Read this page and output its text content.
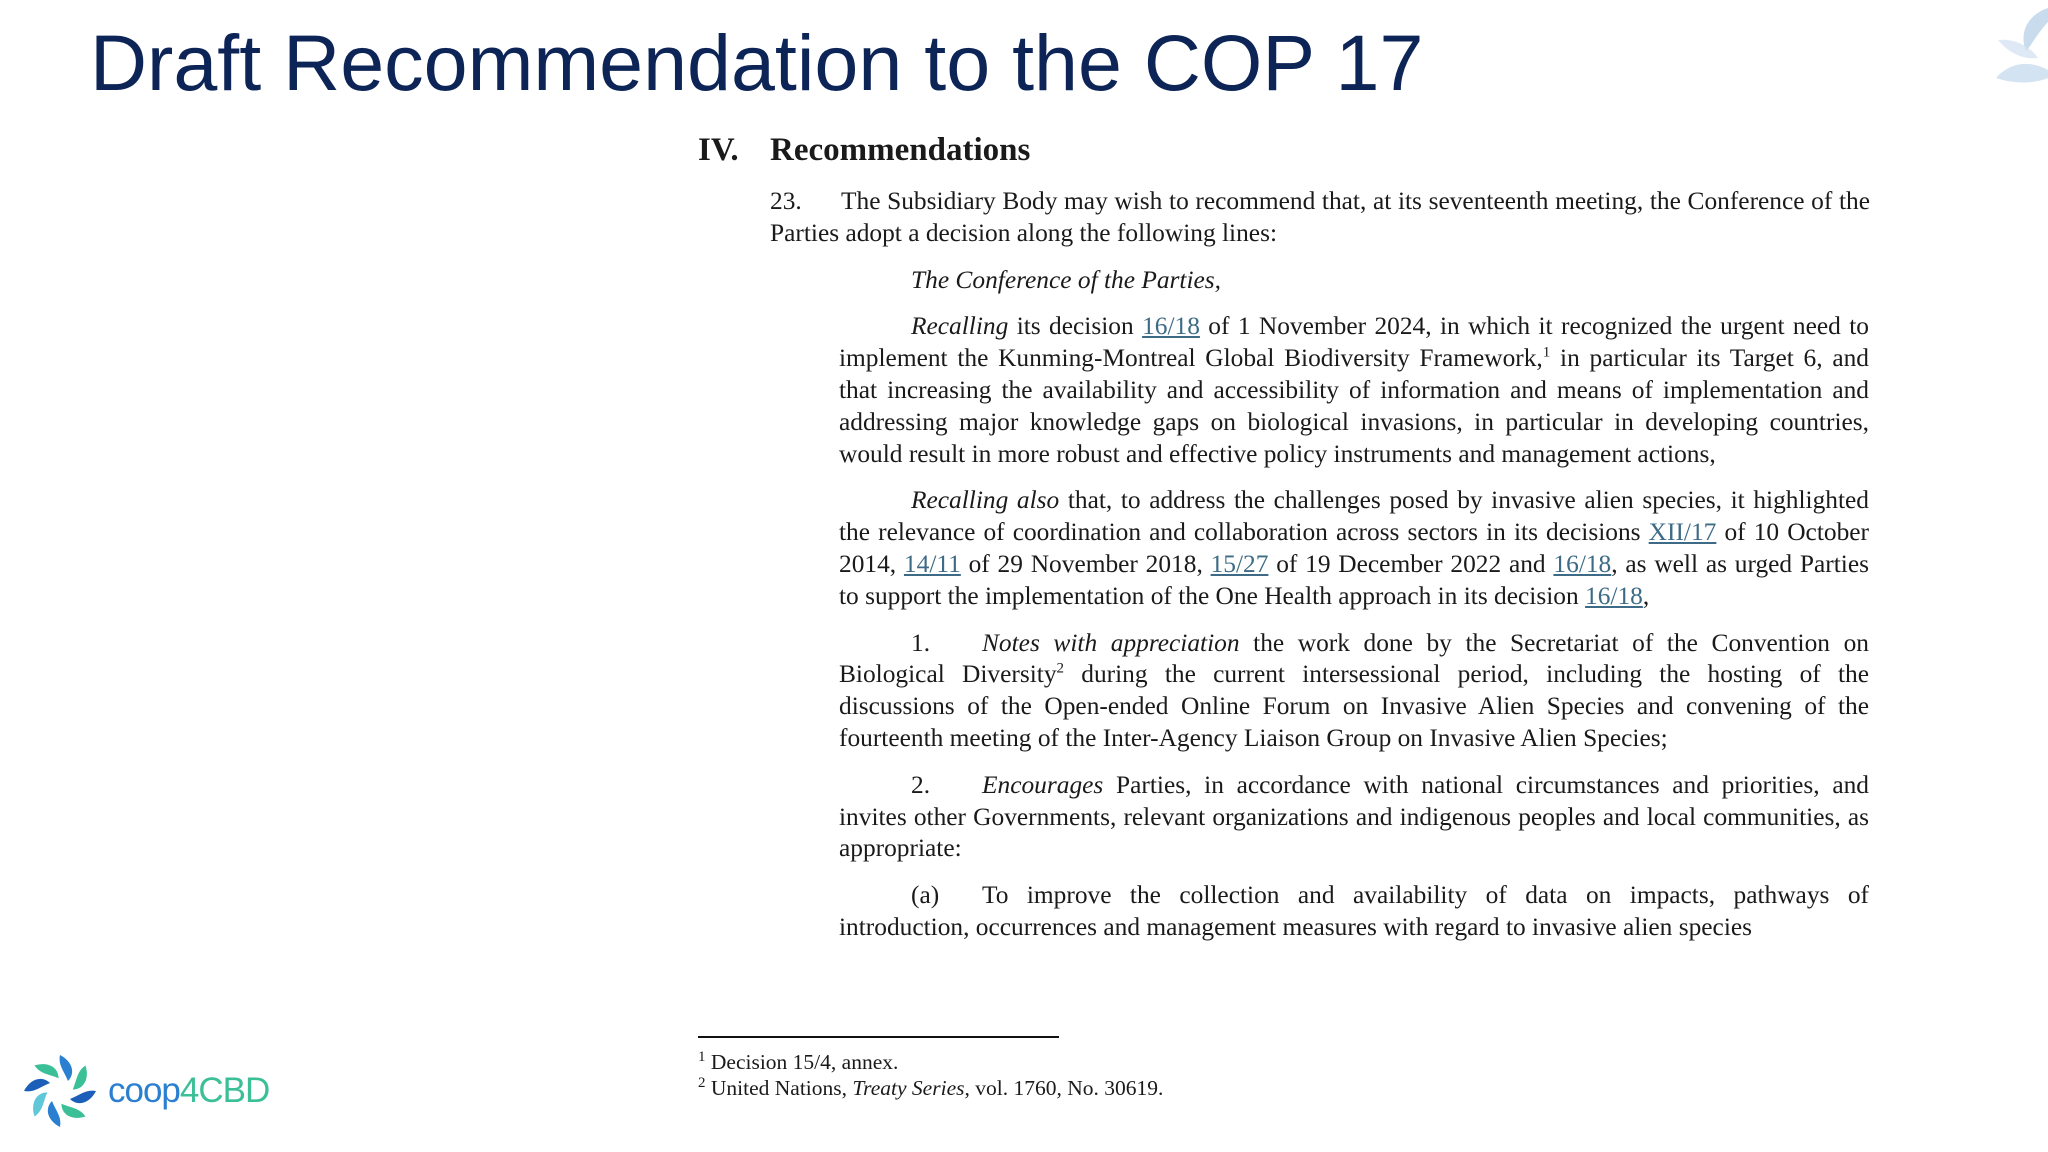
Draft Recommendation to the COP 17
IV. Recommendations

23. The Subsidiary Body may wish to recommend that, at its seventeenth meeting, the Conference of the Parties adopt a decision along the following lines:

The Conference of the Parties,

Recalling its decision 16/18 of 1 November 2024, in which it recognized the urgent need to implement the Kunming-Montreal Global Biodiversity Framework,$^1$ in particular its Target 6, and that increasing the availability and accessibility of information and means of implementation and addressing major knowledge gaps on biological invasions, in particular in developing countries, would result in more robust and effective policy instruments and management actions,

Recalling also that, to address the challenges posed by invasive alien species, it highlighted the relevance of coordination and collaboration across sectors in its decisions XII/17 of 10 October 2014, 14/11 of 29 November 2018, 15/27 of 19 December 2022 and 16/18, as well as urged Parties to support the implementation of the One Health approach in its decision 16/18,

1. Notes with appreciation the work done by the Secretariat of the Convention on Biological Diversity$^2$ during the current intersessional period, including the hosting of the discussions of the Open-ended Online Forum on Invasive Alien Species and convening of the fourteenth meeting of the Inter-Agency Liaison Group on Invasive Alien Species;

2. Encourages Parties, in accordance with national circumstances and priorities, and invites other Governments, relevant organizations and indigenous peoples and local communities, as appropriate:

(a) To improve the collection and availability of data on impacts, pathways of introduction, occurrences and management measures with regard to invasive alien species

$^1$ Decision 15/4, annex.

$^2$ United Nations, Treaty Series, vol. 1760, No. 30619.

coop4CBD
